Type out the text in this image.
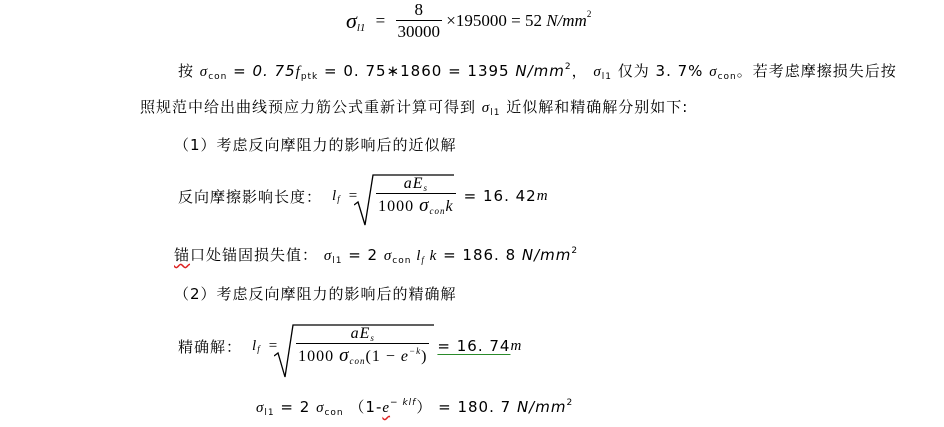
$\sigma l1 = \frac{8}{30000} \times 195000 = 52$ $N/mm^2$
按 $\sigma_{con} = 0$. $75f_{ptk} = 0$. 75∗1860 = 1395 $N/mm^2$， $\sigma_{l1}$ 仅为 3. 7% $\sigma_{con}$。若考虑摩擦损失后按
照规范中给出曲线预应力筋公式重新计算可得到 $\sigma_{l1}$ 近似解和精确解分别如下:
（1）考虑反向摩阻力的影响后的近似解
反向摩擦影响长度： l $f = \frac{\text{aEs}}{\text{1000 σconk}} = 16$. 42 m
锚口处锚固损失值： $\sigma_{l1} = 2$ $\sigma_{con}$ $l_f$ k = 186. 8 $N/mm^2$
（2）考虑反向摩阻力的影响后的精确解
精确解： l $f = \frac{\text{aEs}}{1000 \sigma con(1 - e^{-k})} = 16$. 74 m
$\sigma_{l1} = 2$ $\sigma_{con}$ $(1-e^{- klf}) = 180$. 7 $N/mm^2$
